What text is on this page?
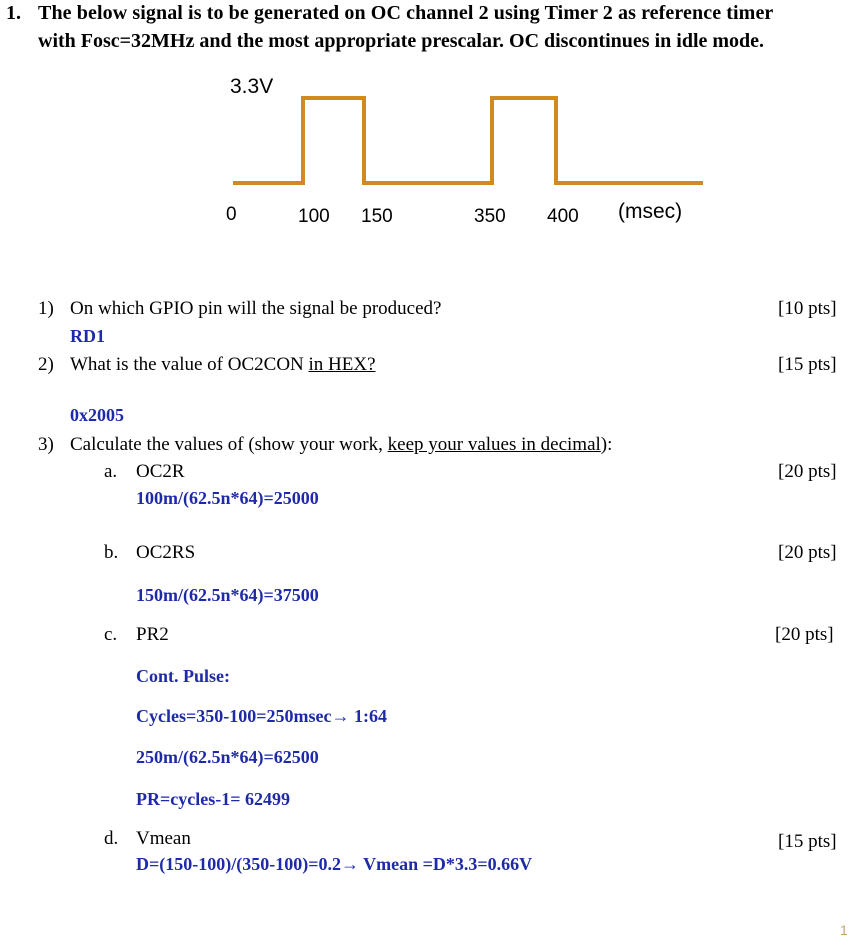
1. The below signal is to be generated on OC channel 2 using Timer 2 as reference timer
with Fosc=32MHz and the most appropriate prescalar. OC discontinues in idle mode.
3.3V
0	100 150	350 400 (msec)
1) On which GPIO pin will the signal be produced?	[10 pts]
RD1
2) What is the value of OC2CON in HEX?	[15 pts]
0x2005
3) Calculate the values of (show your work, keep your values in decimal):
a. OC2R	[20 pts]
100m/(62.5n*64)=25000
b. OC2RS	[20 pts]
150m/(62.5n*64)=37500
c. PR2	[20 pts]
Cont. Pulse:
Cycles=350-100=250msec→ 1:64
250m/(62.5n*64)=62500
PR=cycles-1= 62499
d. Vmean	[15 pts]
D=(150-100)/(350-100)=0.2→ Vmean =D*3.3=0.66V
1
